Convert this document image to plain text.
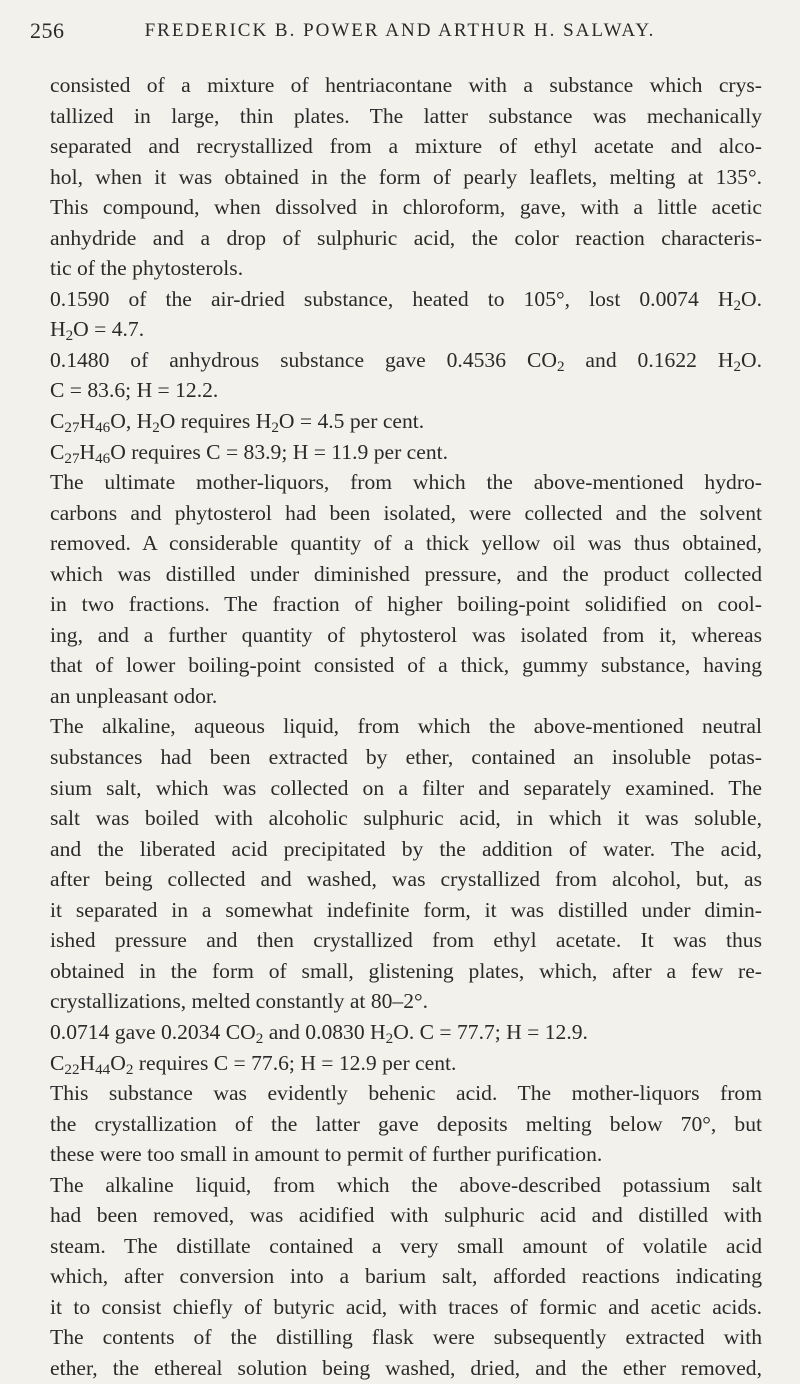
256	FREDERICK B. POWER AND ARTHUR H. SALWAY.
consisted of a mixture of hentriacontane with a substance which crys-
tallized in large, thin plates. The latter substance was mechanically
separated and recrystallized from a mixture of ethyl acetate and alco-
hol, when it was obtained in the form of pearly leaflets, melting at 135°.
This compound, when dissolved in chloroform, gave, with a little acetic
anhydride and a drop of sulphuric acid, the color reaction characteris-
tic of the phytosterols.
0.1590 of the air-dried substance, heated to 105°, lost 0.0074 $H_2O$.
$H_2O = 4.7$.
0.1480 of anhydrous substance gave 0.4536 $CO_2$ and 0.1622 $H_2O$.
C = 83.6; H = 12.2.
$C_{27}H_{46}O$, $H_2O$ requires $H_2O = 4.5$ per cent.
$C_{27}H_{46}O$ requires C = 83.9; H = 11.9 per cent.
The ultimate mother-liquors, from which the above-mentioned hydro-
carbons and phytosterol had been isolated, were collected and the solvent
removed. A considerable quantity of a thick yellow oil was thus obtained,
which was distilled under diminished pressure, and the product collected
in two fractions. The fraction of higher boiling-point solidified on cool-
ing, and a further quantity of phytosterol was isolated from it, whereas
that of lower boiling-point consisted of a thick, gummy substance, having
an unpleasant odor.
The alkaline, aqueous liquid, from which the above-mentioned neutral
substances had been extracted by ether, contained an insoluble potas-
sium salt, which was collected on a filter and separately examined. The
salt was boiled with alcoholic sulphuric acid, in which it was soluble,
and the liberated acid precipitated by the addition of water. The acid,
after being collected and washed, was crystallized from alcohol, but, as
it separated in a somewhat indefinite form, it was distilled under dimin-
ished pressure and then crystallized from ethyl acetate. It was thus
obtained in the form of small, glistening plates, which, after a few re-
crystallizations, melted constantly at 80–2°.
0.0714 gave 0.2034 $CO_2$ and 0.0830 $H_2O$. C = 77.7; H = 12.9.
$C_{22}H_{44}O_2$ requires C = 77.6; H = 12.9 per cent.
This substance was evidently behenic acid. The mother-liquors from
the crystallization of the latter gave deposits melting below 70°, but
these were too small in amount to permit of further purification.
The alkaline liquid, from which the above-described potassium salt
had been removed, was acidified with sulphuric acid and distilled with
steam. The distillate contained a very small amount of volatile acid
which, after conversion into a barium salt, afforded reactions indicating
it to consist chiefly of butyric acid, with traces of formic and acetic acids.
The contents of the distilling flask were subsequently extracted with
ether, the ethereal solution being washed, dried, and the ether removed,
